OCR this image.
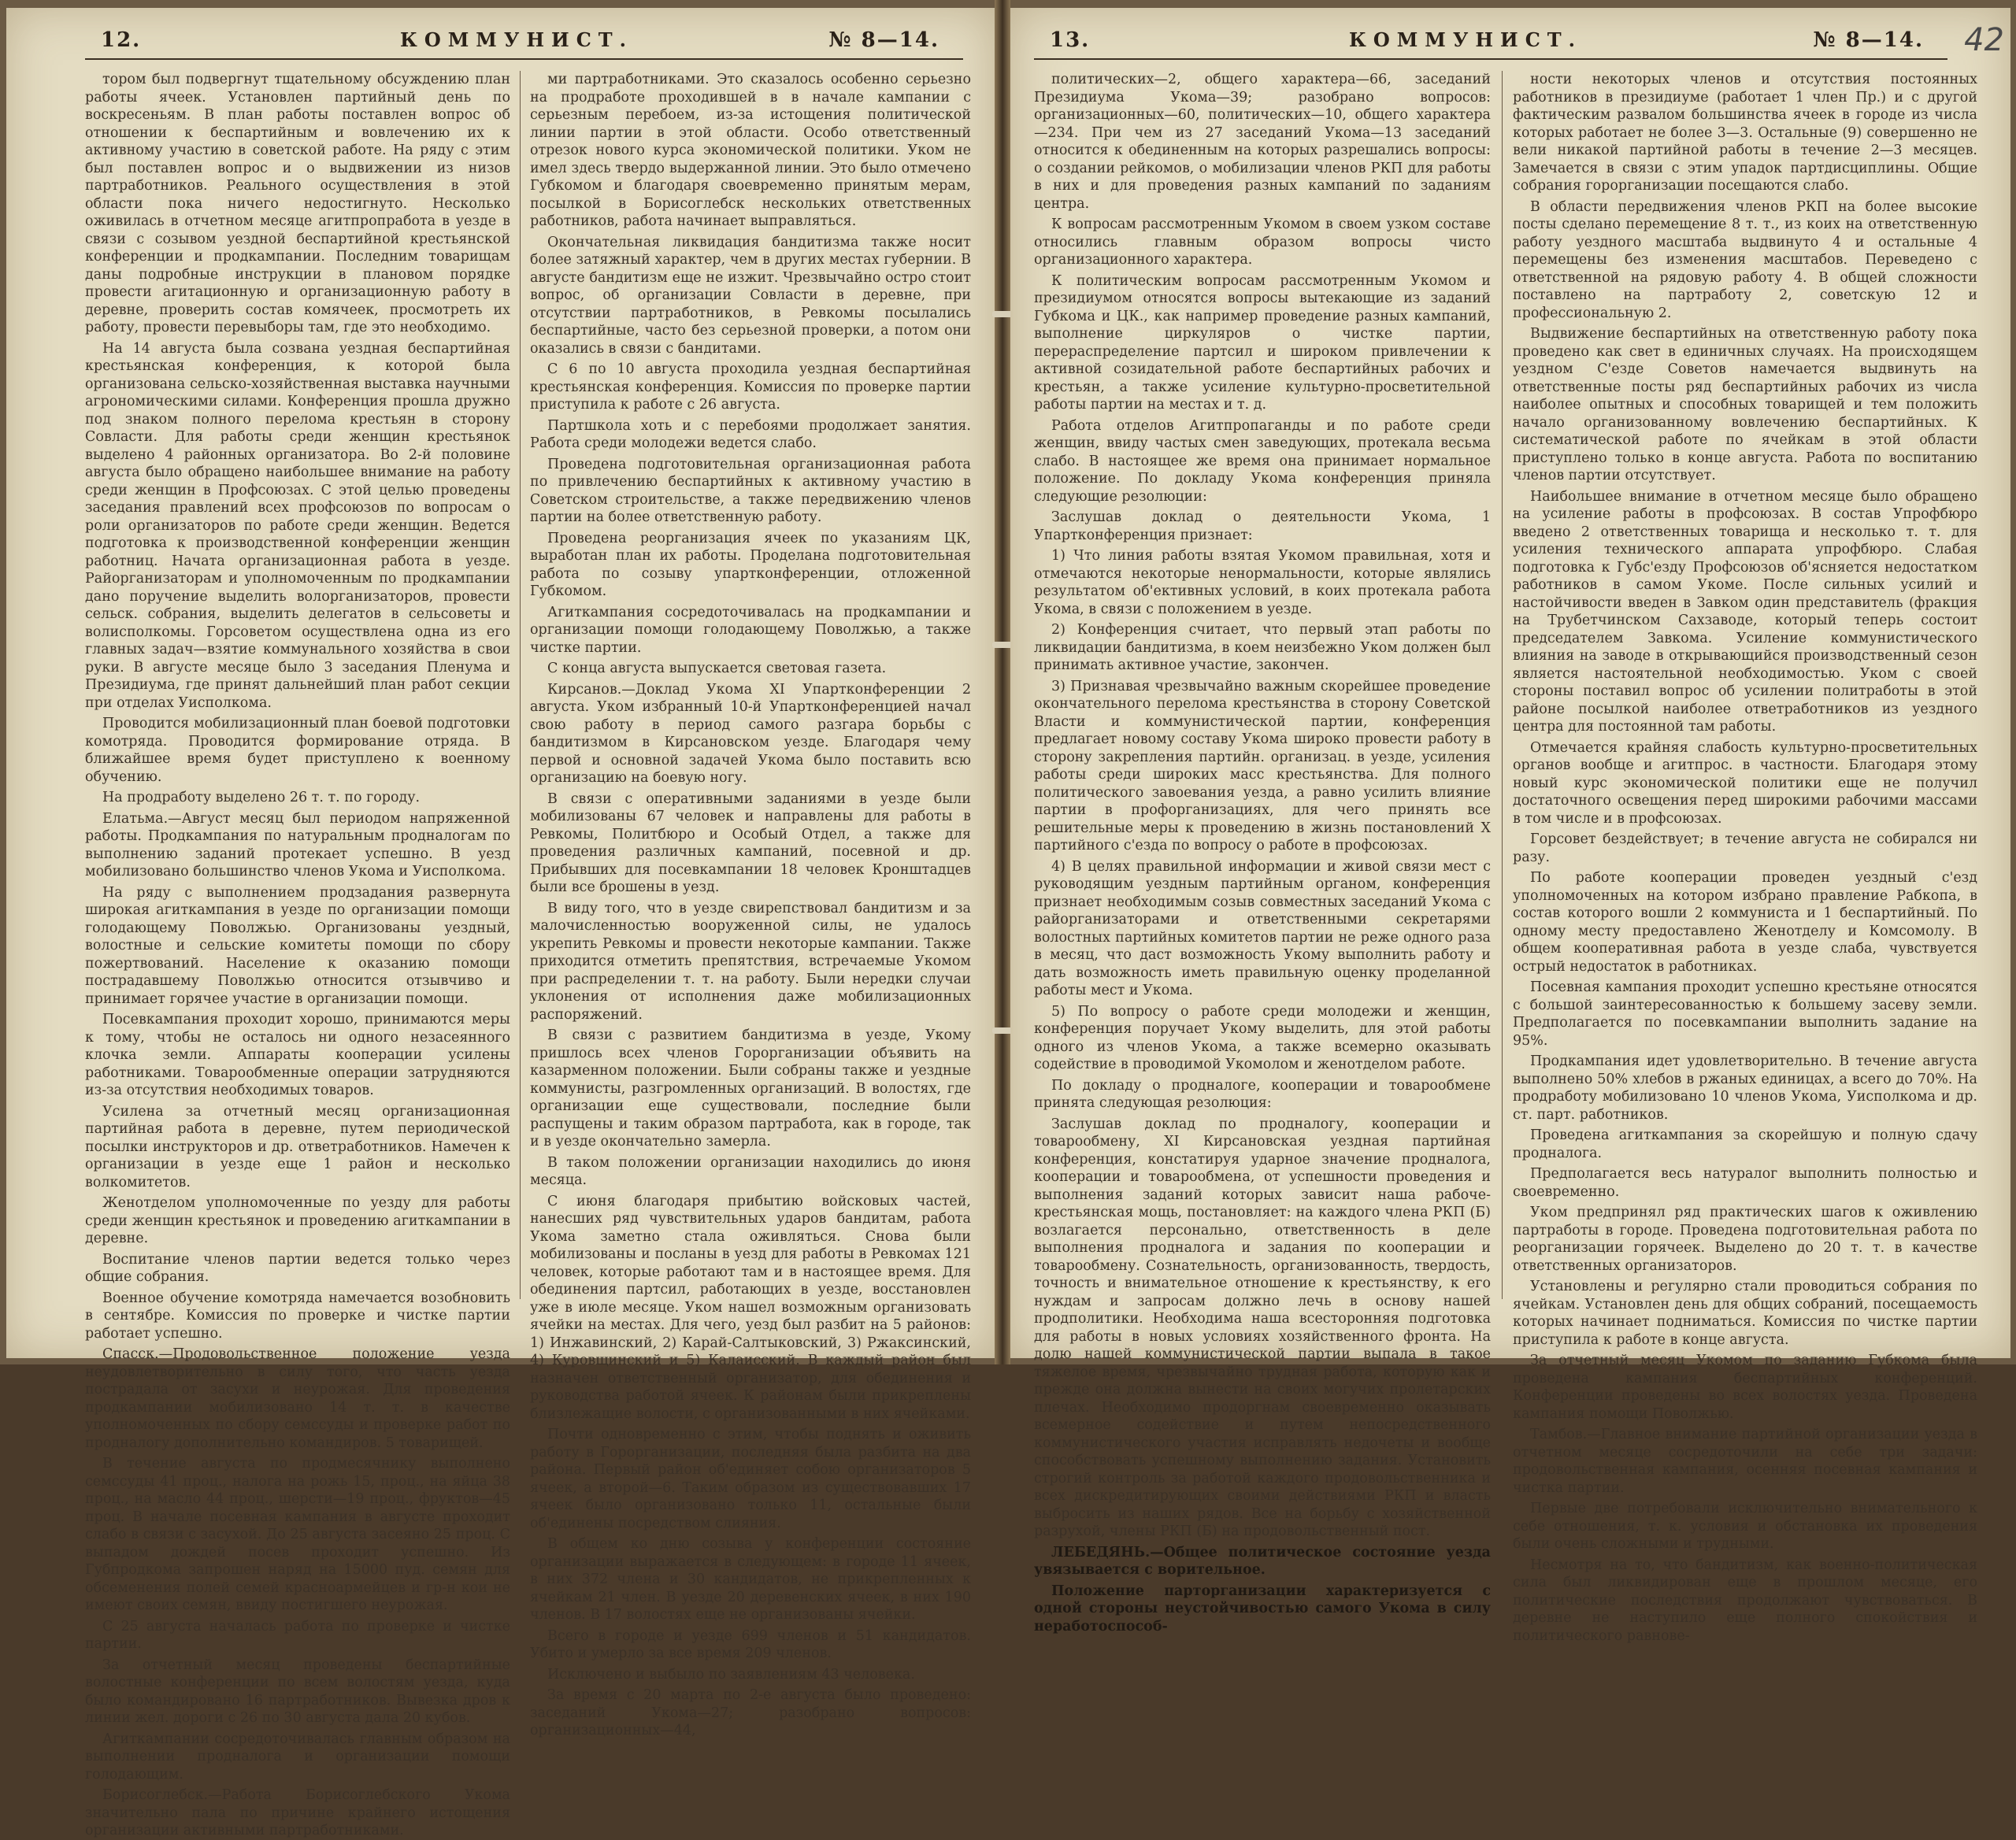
12.	КОММУНИСТ.	№ 8—14.

тором был подвергнут тщательному обсуждению план работы ячеек. Установлен партийный день по воскресеньям. В план работы поставлен вопрос об отношении к беспартийным и вовлечению их к активному участию в советской работе. На ряду с этим был поставлен вопрос и о выдвижении из низов партработников. Реального осуществления в этой области пока ничего недостигнуто. Несколько оживилась в отчетном месяце агитпропработа в уезде в связи с созывом уездной беспартийной крестьянской конференции и продкампании. Последним товарищам даны подробные инструкции в плановом порядке провести агитационную и организационную работу в деревне, проверить состав комячеек, просмотреть их работу, провести перевыборы там, где это необходимо.

На 14 августа была созвана уездная беспартийная крестьянская конференция, к которой была организована сельско-хозяйственная выставка научными агрономическими силами. Конференция прошла дружно под знаком полного перелома крестьян в сторону Совласти. Для работы среди женщин крестьянок выделено 4 районных организатора. Во 2-й половине августа было обращено наибольшее внимание на работу среди женщин в Профсоюзах. С этой целью проведены заседания правлений всех профсоюзов по вопросам о роли организаторов по работе среди женщин. Ведется подготовка к производственной конференции женщин работниц. Начата организационная работа в уезде. Райорганизаторам и уполномоченным по продкампании дано поручение выделить волорганизаторов, провести сельск. собрания, выделить делегатов в сельсоветы и волисполкомы. Горсоветом осуществлена одна из его главных задач—взятие коммунального хозяйства в свои руки. В августе месяце было 3 заседания Пленума и Президиума, где принят дальнейший план работ секции при отделах Уисполкома.

Проводится мобилизационный план боевой подготовки комотряда. Проводится формирование отряда. В ближайшее время будет приступлено к военному обучению.

На продработу выделено 26 т. т. по городу.

Елатьма.—Август месяц был периодом напряженной работы. Продкампания по натуральным продналогам по выполнению заданий протекает успешно. В уезд мобилизовано большинство членов Укома и Уисполкома.

На ряду с выполнением продзадания развернута широкая агиткампания в уезде по организации помощи голодающему Поволжью. Организованы уездный, волостные и сельские комитеты помощи по сбору пожертвований. Население к оказанию помощи пострадавшему Поволжью относится отзывчиво и принимает горячее участие в организации помощи.

Посевкампания проходит хорошо, принимаются меры к тому, чтобы не осталось ни одного незасеянного клочка земли. Аппараты кооперации усилены работниками. Товарообменные операции затрудняются из-за отсутствия необходимых товаров.

Усилена за отчетный месяц организационная партийная работа в деревне, путем периодической посылки инструкторов и др. ответработников. Намечен к организации в уезде еще 1 район и несколько волкомитетов.

Женотделом уполномоченные по уезду для работы среди женщин крестьянок и проведению агиткампании в деревне.

Воспитание членов партии ведется только через общие собрания.

Военное обучение комотряда намечается возобновить в сентябре. Комиссия по проверке и чистке партии работает успешно.

Спасск.—Продовольственное положение уезда неудовлетворительно в силу того, что часть уезда пострадала от засухи и неурожая. Для проведения продкампании мобилизовано 14 т. т. в качестве уполномоченных по сбору семссуды и проверке работ по продналогу дополнительно командиров. 5 товарищей.

В течение августа по продмесячнику выполнено семссуды 41 проц., налога на рожь 15, проц., на яйца 38 проц., на масло 44 проц., шерсти—19 проц., фруктов—45 проц. В начале посевная кампания в августе проходит слабо в связи с засухой. До 25 августа засеяно 25 проц. С выпадом дождей посев проходит успешно. Из Губпродкома запрошен наряд на 15000 пуд. семян для обсеменения полей семей красноармейцев и гр-н кои не имеют своих семян, ввиду постигшего неурожая.

С 25 августа началась работа по проверке и чистке партии.

За отчетный месяц проведены беспартийные волостные конференции по всем волостям уезда, куда было командировано 16 партработников. Вывезка дров к линии жел. дороги с 26 по 30 августа дала 20 кубов.

Агиткампании сосредоточивалась главным образом на выполнении продналога и организации помощи голодающим.

Борисоглебск.—Работа Борисоглебского Укома значительно пала по причине крайнего истощения организации активными партработниками.

ми партработниками. Это сказалось особенно серьезно на продработе проходившей в в начале кампании с серьезным перебоем, из-за истощения политической линии партии в этой области. Особо ответственный отрезок нового курса экономической политики. Уком не имел здесь твердо выдержанной линии. Это было отмечено Губкомом и благодаря своевременно принятым мерам, посылкой в Борисоглебск нескольких ответственных работников, работа начинает выправляться.

Окончательная ликвидация бандитизма также носит более затяжный характер, чем в других местах губернии. В августе бандитизм еще не изжит. Чрезвычайно остро стоит вопрос, об организации Совласти в деревне, при отсутствии партработников, в Ревкомы посылались беспартийные, часто без серьезной проверки, а потом они оказались в связи с бандитами.

С 6 по 10 августа проходила уездная беспартийная крестьянская конференция. Комиссия по проверке партии приступила к работе с 26 августа.

Партшкола хоть и с перебоями продолжает занятия. Работа среди молодежи ведется слабо.

Проведена подготовительная организационная работа по привлечению беспартийных к активному участию в Советском строительстве, а также передвижению членов партии на более ответственную работу.

Проведена реорганизация ячеек по указаниям ЦК, выработан план их работы. Проделана подготовительная работа по созыву упартконференции, отложенной Губкомом.

Агиткампания сосредоточивалась на продкампании и организации помощи голодающему Поволжью, а также чистке партии.

С конца августа выпускается световая газета.

Кирсанов.—Доклад Укома XI Упартконференции 2 августа. Уком избранный 10-й Упартконференцией начал свою работу в период самого разгара борьбы с бандитизмом в Кирсановском уезде. Благодаря чему первой и основной задачей Укома было поставить всю организацию на боевую ногу.

В связи с оперативными заданиями в уезде были мобилизованы 67 человек и направлены для работы в Ревкомы, Политбюро и Особый Отдел, а также для проведения различных кампаний, посевной и др. Прибывших для посевкампании 18 человек Кронштадцев были все брошены в уезд.

В виду того, что в уезде свирепствовал бандитизм и за малочисленностью вооруженной силы, не удалось укрепить Ревкомы и провести некоторые кампании. Также приходится отметить препятствия, встречаемые Укомом при распределении т. т. на работу. Были нередки случаи уклонения от исполнения даже мобилизационных распоряжений.

В связи с развитием бандитизма в уезде, Укому пришлось всех членов Горорганизации объявить на казарменном положении. Были собраны также и уездные коммунисты, разгромленных организаций. В волостях, где организации еще существовали, последние были распущены и таким образом партработа, как в городе, так и в уезде окончательно замерла.

В таком положении организации находились до июня месяца.

С июня благодаря прибытию войсковых частей, нанесших ряд чувствительных ударов бандитам, работа Укома заметно стала оживляться. Снова были мобилизованы и посланы в уезд для работы в Ревкомах 121 человек, которые работают там и в настоящее время. Для обединения партсил, работающих в уезде, восстановлен уже в июле месяце. Уком нашел возможным организовать ячейки на местах. Для чего, уезд был разбит на 5 районов: 1) Инжавинский, 2) Карай-Салтыковский, 3) Ржаксинский, 4) Куровщинский и 5) Калаисский. В каждый район был назначен ответственный организатор, для обединения и руководства работой ячеек. К районам были прикреплены близлежащие волости, с организованными в них ячейками.

Почти одновременно с этим, чтобы поднять и оживить работу в Горорганизации, последняя была разбита на два района. Первый район об'единяет собою организаторов 5 ячеек, а второй—6. Таким образом из существовавших 17 ячеек было организовано только 11, остальные были об'единены посредством слияния.

В общем ко дню созыва у конференции состояние организации выражается в следующем: в городе 11 ячеек, в них 372 члена и 30 кандидатов, не прикрепленных к ячейкам 21 член. В уезде 20 деревенских ячеек, в них 190 членов. В 17 волостях еще не организованы ячейки.

Всего в городе и уезде 699 членов и 51 кандидатов. Убито и умерло за все время 209 членов.

Исключено и выбыло по заявлениям 43 человека.

За время с 20 марта по 2-е августа было проведено: заседаний Укома—27; разобрано вопросов: организационных—44,

13.	КОММУНИСТ.	№ 8—14. 42

политических—2, общего характера—66, заседаний Президиума Укома—39; разобрано вопросов: организационных—60, политических—10, общего характера—234. При чем из 27 заседаний Укома—13 заседаний относится к обединенным на которых разрешались вопросы: о создании рейкомов, о мобилизации членов РКП для работы в них и для проведения разных кампаний по заданиям центра.

К вопросам рассмотренным Укомом в своем узком составе относились главным образом вопросы чисто организационного характера.

К политическим вопросам рассмотренным Укомом и президиумом относятся вопросы вытекающие из заданий Губкома и ЦК., как например проведение разных кампаний, выполнение циркуляров о чистке партии, перераспределение партсил и широком привлечении к активной созидательной работе беспартийных рабочих и крестьян, а также усиление культурно-просветительной работы партии на местах и т. д.

Работа отделов Агитпропаганды и по работе среди женщин, ввиду частых смен заведующих, протекала весьма слабо. В настоящее же время она принимает нормальное положение. По докладу Укома конференция приняла следующие резолюции:

Заслушав доклад о деятельности Укома, 1 Упартконференция признает:

1) Что линия работы взятая Укомом правильная, хотя и отмечаются некоторые ненормальности, которые являлись результатом об'ективных условий, в коих протекала работа Укома, в связи с положением в уезде.

2) Конференция считает, что первый этап работы по ликвидации бандитизма, в коем неизбежно Уком должен был принимать активное участие, закончен.

3) Признавая чрезвычайно важным скорейшее проведение окончательного перелома крестьянства в сторону Советской Власти и коммунистической партии, конференция предлагает новому составу Укома широко провести работу в сторону закрепления партийн. организац. в уезде, усиления работы среди широких масс крестьянства. Для полного политического завоевания уезда, а равно усилить влияние партии в профорганизациях, для чего принять все решительные меры к проведению в жизнь постановлений X партийного с'езда по вопросу о работе в профсоюзах.

4) В целях правильной информации и живой связи мест с руководящим уездным партийным органом, конференция признает необходимым созыв совместных заседаний Укома с райорганизаторами и ответственными секретарями волостных партийных комитетов партии не реже одного раза в месяц, что даст возможность Укому выполнить работу и дать возможность иметь правильную оценку проделанной работы мест и Укома.

5) По вопросу о работе среди молодежи и женщин, конференция поручает Укому выделить, для этой работы одного из членов Укома, а также всемерно оказывать содействие в проводимой Укомолом и женотделом работе.

По докладу о продналоге, кооперации и товарообмене принята следующая резолюция:

Заслушав доклад по продналогу, кооперации и товарообмену, XI Кирсановская уездная партийная конференция, констатируя ударное значение продналога, кооперации и товарообмена, от успешности проведения и выполнения заданий которых зависит наша рабоче-крестьянская мощь, постановляет: на каждого члена РКП (Б) возлагается персонально, ответственность в деле выполнения продналога и задания по кооперации и товарообмену. Сознательность, организованность, твердость, точность и внимательное отношение к крестьянству, к его нуждам и запросам должно лечь в основу нашей продполитики. Необходима наша всесторонняя подготовка для работы в новых условиях хозяйственного фронта. На долю нашей коммунистической партии выпала в такое тяжелое время, чрезвычайно трудная работа, которую как и прежде она должна вынести на своих могучих пролетарских плечах. Необходимо продоргнам своевременно оказывать всемерное содействие и путем непосредственного коммунистического участия исправлять недочеты и вообще способствовать успешному выполнению задания. Установить строгий контроль за работой каждого продовольственника и всех дискредитирующих своими действиями РКП и власть выбросить из наших рядов. Все на борьбу с хозяйственной разрухой, члены РКП (Б) на продовольственный пост.

ЛЕБЕДЯНЬ.—Общее политическое состояние уезда увязывается с ворительное.

Положение парторганизации характеризуется с одной стороны неустойчивостью самого Укома в силу неработоспособ-

ности некоторых членов и отсутствия постоянных работников в президиуме (работает 1 член Пр.) и с другой фактическим развалом большинства ячеек в городе из числа которых работает не более 3—3. Остальные (9) совершенно не вели никакой партийной работы в течение 2—3 месяцев. Замечается в связи с этим упадок партдисциплины. Общие собрания горорганизации посещаются слабо.

В области передвижения членов РКП на более высокие посты сделано перемещение 8 т. т., из коих на ответственную работу уездного масштаба выдвинуто 4 и остальные 4 перемещены без изменения масштабов. Переведено с ответственной на рядовую работу 4. В общей сложности поставлено на партработу 2, советскую 12 и профессиональную 2.

Выдвижение беспартийных на ответственную работу пока проведено как свет в единичных случаях. На происходящем уездном С'езде Советов намечается выдвинуть на ответственные посты ряд беспартийных рабочих из числа наиболее опытных и способных товарищей и тем положить начало организованному вовлечению беспартийных. К систематической работе по ячейкам в этой области приступлено только в конце августа. Работа по воспитанию членов партии отсутствует.

Наибольшее внимание в отчетном месяце было обращено на усиление работы в профсоюзах. В состав Упрофбюро введено 2 ответственных товарища и несколько т. т. для усиления технического аппарата упрофбюро. Слабая подготовка к Губс'езду Профсоюзов об'ясняется недостатком работников в самом Укоме. После сильных усилий и настойчивости введен в Завком один представитель (фракция на Трубетчинском Сахзаводе, который теперь состоит председателем Завкома. Усиление коммунистического влияния на заводе в открывающийся производственный сезон является настоятельной необходимостью. Уком с своей стороны поставил вопрос об усилении политработы в этой районе посылкой наиболее ответработников из уездного центра для постоянной там работы.

Отмечается крайняя слабость культурно-просветительных органов вообще и агитпрос. в частности. Благодаря этому новый курс экономической политики еще не получил достаточного освещения перед широкими рабочими массами в том числе и в профсоюзах.

Горсовет бездействует; в течение августа не собирался ни разу.

По работе кооперации проведен уездный с'езд уполномоченных на котором избрано правление Рабкопа, в состав которого вошли 2 коммуниста и 1 беспартийный. По одному месту предоставлено Женотделу и Комсомолу. В общем кооперативная работа в уезде слаба, чувствуется острый недостаток в работниках.

Посевная кампания проходит успешно крестьяне относятся с большой заинтересованностью к большему засеву земли. Предполагается по посевкампании выполнить задание на 95%.

Продкампания идет удовлетворительно. В течение августа выполнено 50% хлебов в ржаных единицах, а всего до 70%. На продработу мобилизовано 10 членов Укома, Уисполкома и др. ст. парт. работников.

Проведена агиткампания за скорейшую и полную сдачу продналога.

Предполагается весь натуралог выполнить полностью и своевременно.

Уком предпринял ряд практических шагов к оживлению партработы в городе. Проведена подготовительная работа по реорганизации горячеек. Выделено до 20 т. т. в качестве ответственных организаторов.

Установлены и регулярно стали проводиться собрания по ячейкам. Установлен день для общих собраний, посещаемость которых начинает подниматься. Комиссия по чистке партии приступила к работе в конце августа.

За отчетный месяц Укомом по заданию Губкома была проведена кампания беспартийных конференций. Конференции проведены во всех волостях уезда. Проведена кампания помощи Поволжью.

Тамбов.—Главное внимание партийной организации уезда в отчетном месяце сосредоточили на себе три задачи: продовольственная кампания, осенняя посевная кампания и чистка партии.

Первые две потребовали исключительно внимательного к себе отношения, т. к. условия и обстановка их проведения были очень сложными и трудными.

Несмотря на то, что бандитизм, как военно-политическая сила был ликвидирован еще в прошлом месяце, его политические последствия продолжают чувствоваться. В деревне не наступило еще полного спокойствия и политического равнове-
